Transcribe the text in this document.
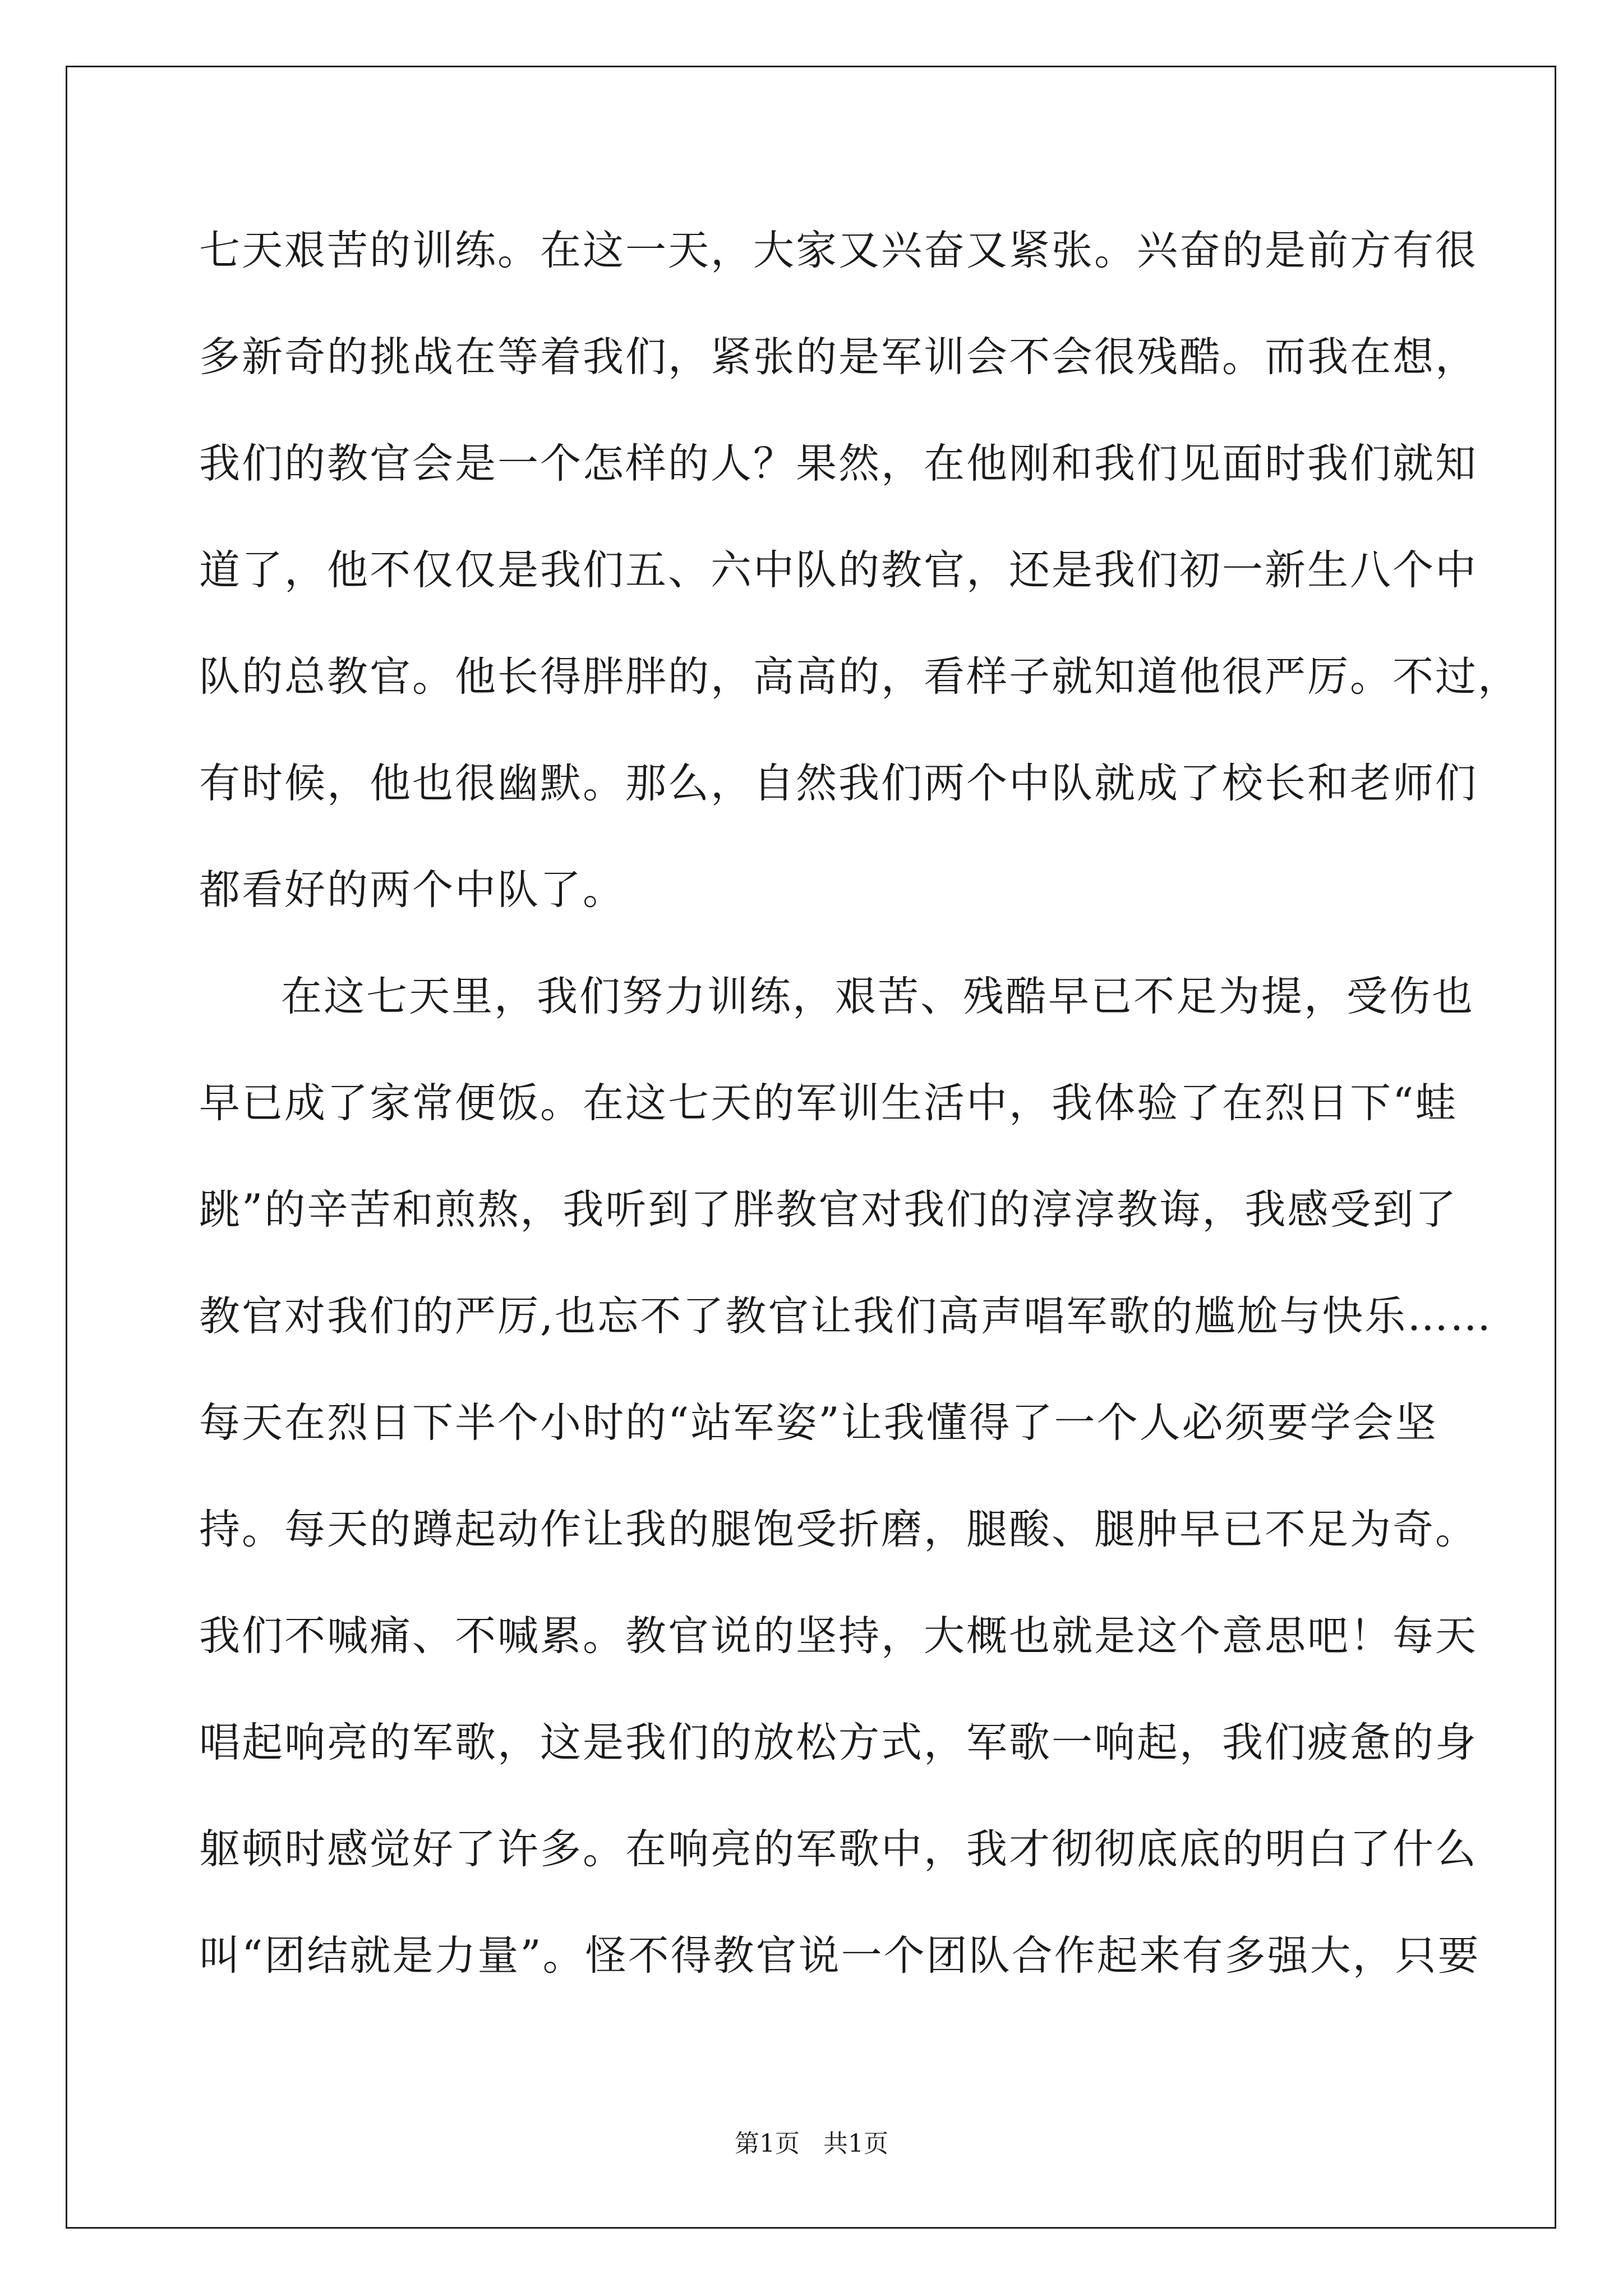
七天艰苦的训练。在这一天，大家又兴奋又紧张。兴奋的是前方有很
多新奇的挑战在等着我们，紧张的是军训会不会很残酷。而我在想，
我们的教官会是一个怎样的人？果然，在他刚和我们见面时我们就知
道了，他不仅仅是我们五、六中队的教官，还是我们初一新生八个中
队的总教官。他长得胖胖的，高高的，看样子就知道他很严厉。不过，
有时候，他也很幽默。那么，自然我们两个中队就成了校长和老师们
都看好的两个中队了。
在这七天里，我们努力训练，艰苦、残酷早已不足为提，受伤也
早已成了家常便饭。在这七天的军训生活中，我体验了在烈日下“蛙
跳”的辛苦和煎熬，我听到了胖教官对我们的淳淳教诲，我感受到了
教官对我们的严厉,也忘不了教官让我们高声唱军歌的尴尬与快乐……
每天在烈日下半个小时的“站军姿”让我懂得了一个人必须要学会坚
持。每天的蹲起动作让我的腿饱受折磨，腿酸、腿肿早已不足为奇。
我们不喊痛、不喊累。教官说的坚持，大概也就是这个意思吧！每天
唱起响亮的军歌，这是我们的放松方式，军歌一响起，我们疲惫的身
躯顿时感觉好了许多。在响亮的军歌中，我才彻彻底底的明白了什么
叫“团结就是力量”。怪不得教官说一个团队合作起来有多强大，只要
第1页   共1页
